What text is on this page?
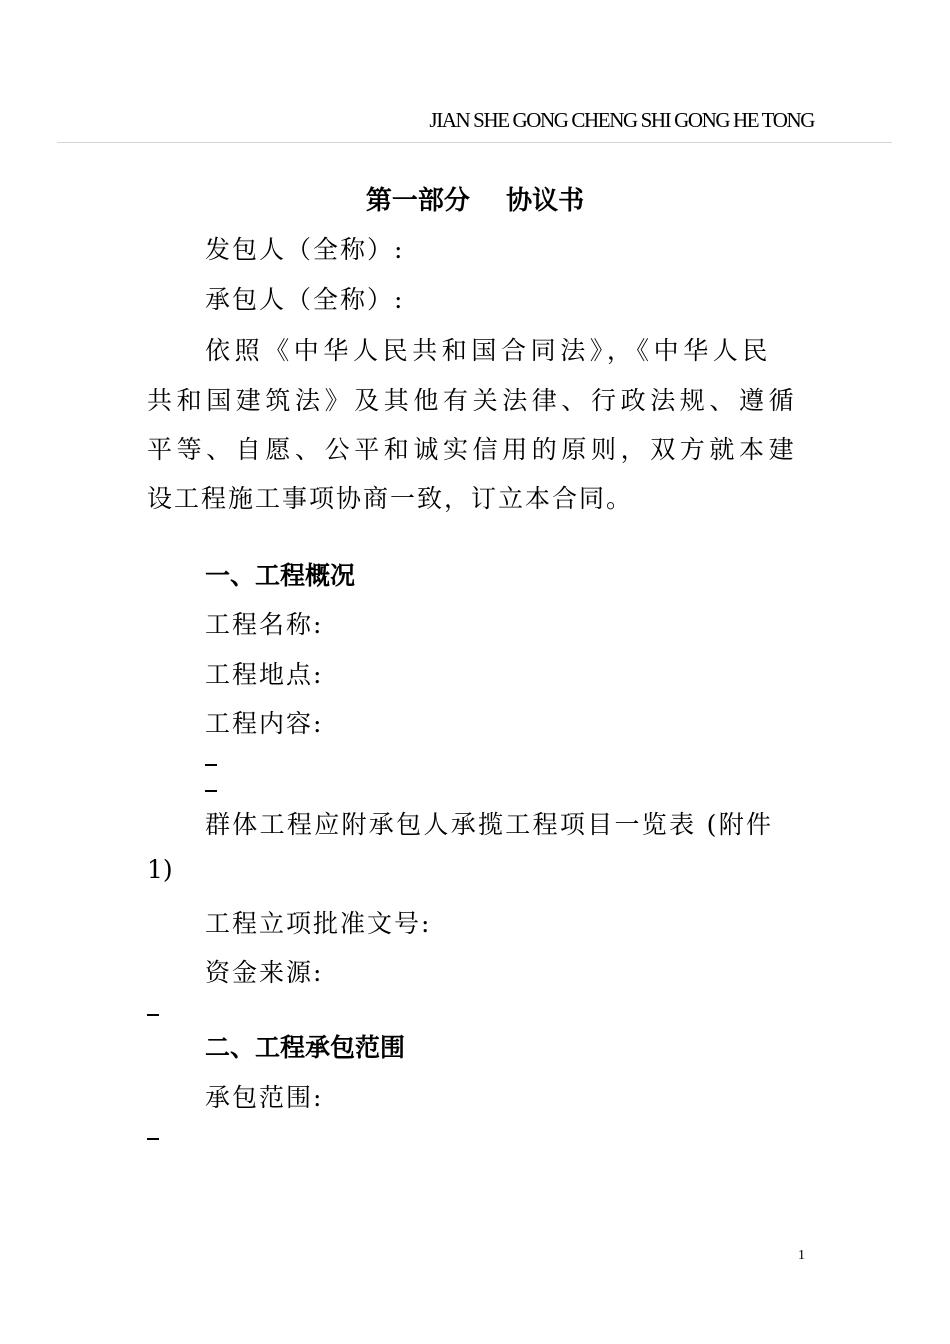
JIAN SHE GONG CHENG SHI GONG HE TONG
第一部分    协议书
发包人（全称）:
承包人（全称）:
依照《中华人民共和国合同法》，《中华人民
共和国建筑法》及其他有关法律、行政法规、遵循
平等、自愿、公平和诚实信用的原则，双方就本建
设工程施工事项协商一致，订立本合同。
一、工程概况
工程名称:
工程地点:
工程内容:
群体工程应附承包人承揽工程项目一览表 (附件
1)
工程立项批准文号:
资金来源:
二、工程承包范围
承包范围:
1
